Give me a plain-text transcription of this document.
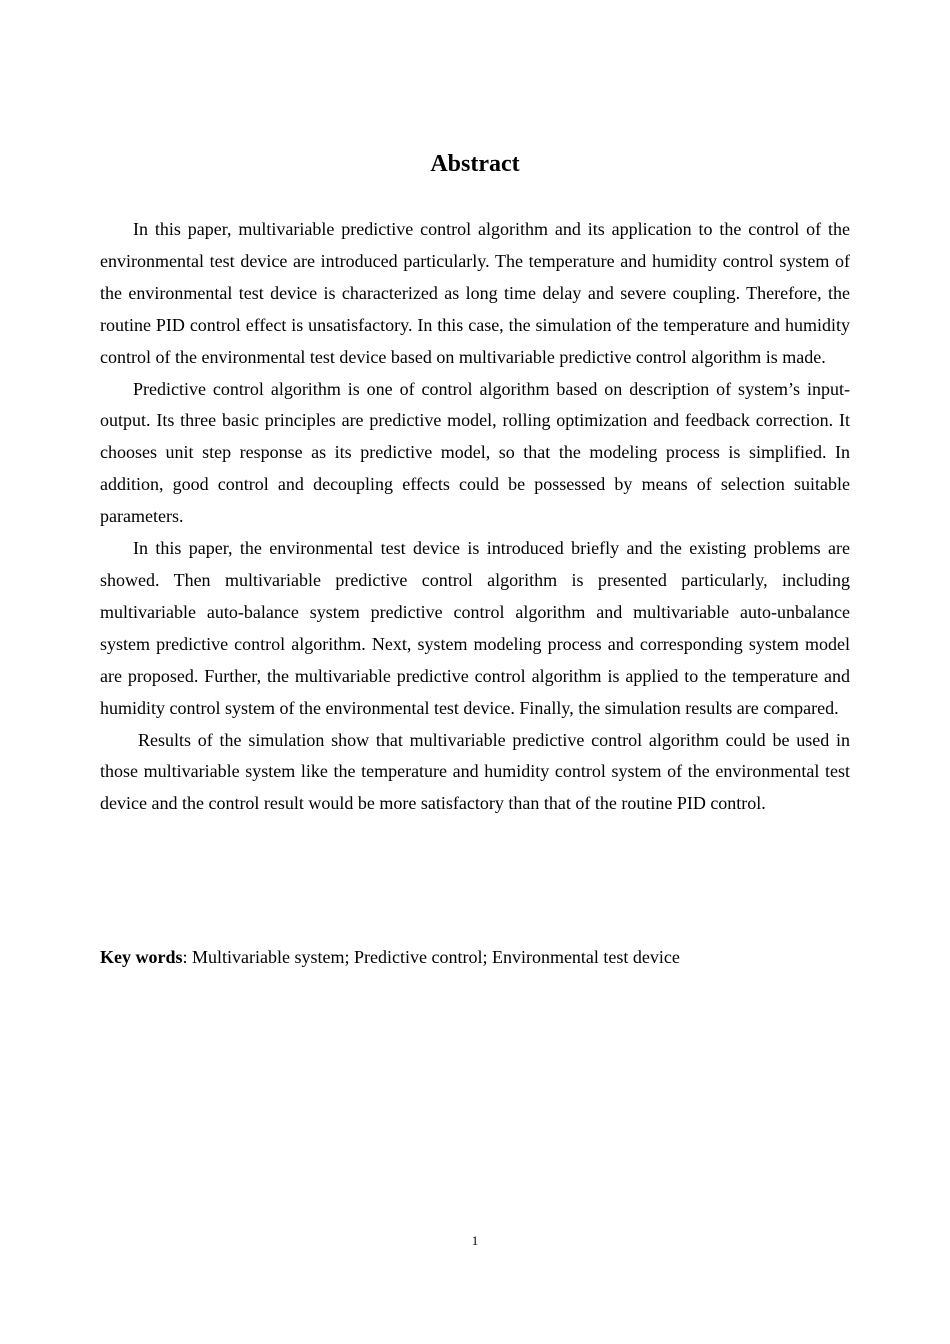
Abstract

In this paper, multivariable predictive control algorithm and its application to the control of the environmental test device are introduced particularly. The temperature and humidity control system of the environmental test device is characterized as long time delay and severe coupling. Therefore, the routine PID control effect is unsatisfactory. In this case, the simulation of the temperature and humidity control of the environmental test device based on multivariable predictive control algorithm is made.

Predictive control algorithm is one of control algorithm based on description of system’s input-output. Its three basic principles are predictive model, rolling optimization and feedback correction. It chooses unit step response as its predictive model, so that the modeling process is simplified. In addition, good control and decoupling effects could be possessed by means of selection suitable parameters.

In this paper, the environmental test device is introduced briefly and the existing problems are showed. Then multivariable predictive control algorithm is presented particularly, including multivariable auto-balance system predictive control algorithm and multivariable auto-unbalance system predictive control algorithm. Next, system modeling process and corresponding system model are proposed. Further, the multivariable predictive control algorithm is applied to the temperature and humidity control system of the environmental test device. Finally, the simulation results are compared.

Results of the simulation show that multivariable predictive control algorithm could be used in those multivariable system like the temperature and humidity control system of the environmental test device and the control result would be more satisfactory than that of the routine PID control.

Key words: Multivariable system; Predictive control; Environmental test device
1
